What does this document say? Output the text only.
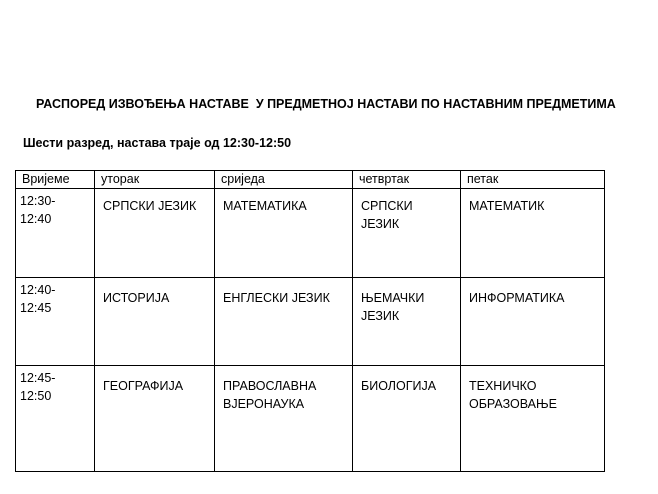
РАСПОРЕД ИЗВОЂЕЊА НАСТАВЕ  У ПРЕДМЕТНОЈ НАСТАВИ ПО НАСТАВНИМ ПРЕДМЕТИМА
Шести разред, настава траје од 12:30-12:50
Вријеме	уторак	сриједа	четвртак	петак
12:30-
12:40	СРПСКИ ЈЕЗИК	МАТЕМАТИКА	СРПСКИ ЈЕЗИК	МАТЕМАТИК

12:40-
12:45	ИСТОРИЈА	ЕНГЛЕСКИ ЈЕЗИК	ЊЕМАЧКИ
ЈЕЗИК	ИНФОРМАТИКА

12:45-
12:50	ГЕОГРАФИЈА	ПРАВОСЛАВНА
ВЈЕРОНАУКА	БИОЛОГИЈА	ТЕХНИЧКО
ОБРАЗОВАЊЕ
